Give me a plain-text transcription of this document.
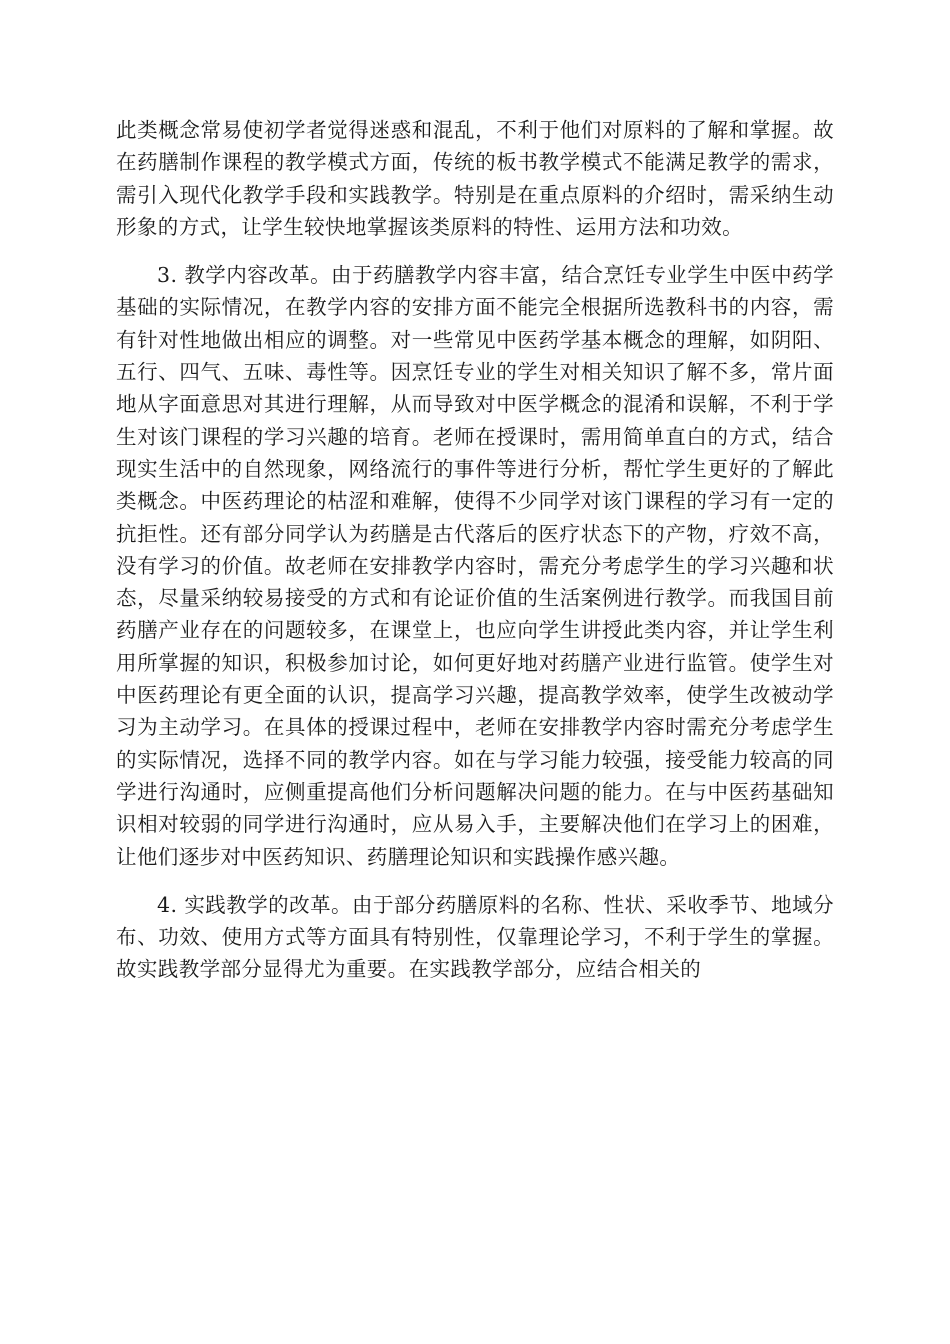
此类概念常易使初学者觉得迷惑和混乱，不利于他们对原料的了解和掌握。故在药膳制作课程的教学模式方面，传统的板书教学模式不能满足教学的需求，需引入现代化教学手段和实践教学。特别是在重点原料的介绍时，需采纳生动形象的方式，让学生较快地掌握该类原料的特性、运用方法和功效。

3. 教学内容改革。由于药膳教学内容丰富，结合烹饪专业学生中医中药学基础的实际情况，在教学内容的安排方面不能完全根据所选教科书的内容，需有针对性地做出相应的调整。对一些常见中医药学基本概念的理解，如阴阳、五行、四气、五味、毒性等。因烹饪专业的学生对相关知识了解不多，常片面地从字面意思对其进行理解，从而导致对中医学概念的混淆和误解，不利于学生对该门课程的学习兴趣的培育。老师在授课时，需用简单直白的方式，结合现实生活中的自然现象，网络流行的事件等进行分析，帮忙学生更好的了解此类概念。中医药理论的枯涩和难解，使得不少同学对该门课程的学习有一定的抗拒性。还有部分同学认为药膳是古代落后的医疗状态下的产物，疗效不高，没有学习的价值。故老师在安排教学内容时，需充分考虑学生的学习兴趣和状态，尽量采纳较易接受的方式和有论证价值的生活案例进行教学。而我国目前药膳产业存在的问题较多，在课堂上，也应向学生讲授此类内容，并让学生利用所掌握的知识，积极参加讨论，如何更好地对药膳产业进行监管。使学生对中医药理论有更全面的认识，提高学习兴趣，提高教学效率，使学生改被动学习为主动学习。在具体的授课过程中，老师在安排教学内容时需充分考虑学生的实际情况，选择不同的教学内容。如在与学习能力较强，接受能力较高的同学进行沟通时，应侧重提高他们分析问题解决问题的能力。在与中医药基础知识相对较弱的同学进行沟通时，应从易入手，主要解决他们在学习上的困难，让他们逐步对中医药知识、药膳理论知识和实践操作感兴趣。

4. 实践教学的改革。由于部分药膳原料的名称、性状、采收季节、地域分布、功效、使用方式等方面具有特别性，仅靠理论学习，不利于学生的掌握。故实践教学部分显得尤为重要。在实践教学部分，应结合相关的
